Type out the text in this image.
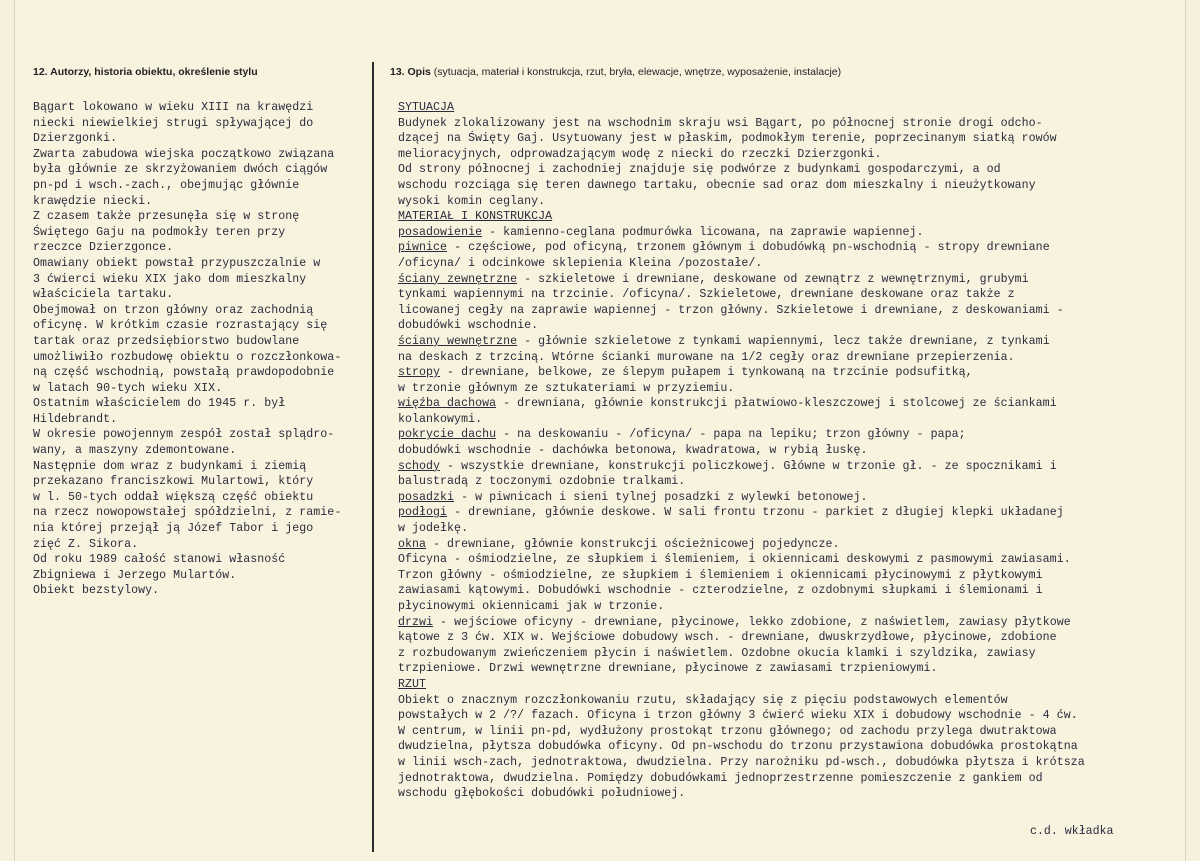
12. Autorzy, historia obiektu, określenie stylu	13. Opis (sytuacja, materiał i konstrukcja, rzut, bryła, elewacje, wnętrze, wyposażenie, instalacje)
Bągart lokowano w wieku XIII na krawędzi
niecki niewielkiej strugi spływającej do
Dzierzgonki.
Zwarta zabudowa wiejska początkowo związana
była głównie ze skrzyżowaniem dwóch ciągów
pn-pd i wsch.-zach., obejmując głównie
krawędzie niecki.
Z czasem także przesunęła się w stronę
Świętego Gaju na podmokły teren przy
rzeczce Dzierzgonce.
Omawiany obiekt powstał przypuszczalnie w
3 ćwierci wieku XIX jako dom mieszkalny
właściciela tartaku.
Obejmował on trzon główny oraz zachodnią
oficynę. W krótkim czasie rozrastający się
tartak oraz przedsiębiorstwo budowlane
umożliwiło rozbudowę obiektu o rozczłonkowa-
ną część wschodnią, powstałą prawdopodobnie
w latach 90-tych wieku XIX.
Ostatnim właścicielem do 1945 r. był
Hildebrandt.
W okresie powojennym zespół został splądro-
wany, a maszyny zdemontowane.
Następnie dom wraz z budynkami i ziemią
przekazano franciszkowi Mulartowi, który
w l. 50-tych oddał większą część obiektu
na rzecz nowopowstałej spółdzielni, z ramie-
nia której przejął ją Józef Tabor i jego
zięć Z. Sikora.
Od roku 1989 całość stanowi własność
Zbigniewa i Jerzego Mulartów.
Obiekt bezstylowy.
SYTUACJA
Budynek zlokalizowany jest na wschodnim skraju wsi Bągart, po północnej stronie drogi odcho-
dzącej na Święty Gaj. Usytuowany jest w płaskim, podmokłym terenie, poprzecinanym siatką rowów
melioracyjnych, odprowadzającym wodę z niecki do rzeczki Dzierzgonki.
Od strony północnej i zachodniej znajduje się podwórze z budynkami gospodarczymi, a od
wschodu rozciąga się teren dawnego tartaku, obecnie sad oraz dom mieszkalny i nieużytkowany
wysoki komin ceglany.
MATERIAŁ I KONSTRUKCJA
posadowienie - kamienno-ceglana podmurówka licowana, na zaprawie wapiennej.
piwnice - częściowe, pod oficyną, trzonem głównym i dobudówką pn-wschodnią - stropy drewniane
/oficyna/ i odcinkowe sklepienia Kleina /pozostałe/.
ściany zewnętrzne - szkieletowe i drewniane, deskowane od zewnątrz z wewnętrznymi, grubymi
tynkami wapiennymi na trzcinie. /oficyna/. Szkieletowe, drewniane deskowane oraz także z
licowanej cegły na zaprawie wapiennej - trzon główny. Szkieletowe i drewniane, z deskowaniami -
dobudówki wschodnie.
ściany wewnętrzne - głównie szkieletowe z tynkami wapiennymi, lecz także drewniane, z tynkami
na deskach z trzciną. Wtórne ścianki murowane na 1/2 cegły oraz drewniane przepierzenia.
stropy - drewniane, belkowe, ze ślepym pułapem i tynkowaną na trzcinie podsufitką,
w trzonie głównym ze sztukateriami w przyziemiu.
więźba dachowa - drewniana, głównie konstrukcji płatwiowo-kleszczowej i stolcowej ze ściankami
kolankowymi.
pokrycie dachu - na deskowaniu - /oficyna/ - papa na lepiku; trzon główny - papa;
dobudówki wschodnie - dachówka betonowa, kwadratowa, w rybią łuskę.
schody - wszystkie drewniane, konstrukcji policzkowej. Główne w trzonie gł. - ze spocznikami i
balustradą z toczonymi ozdobnie tralkami.
posadzki - w piwnicach i sieni tylnej posadzki z wylewki betonowej.
podłogi - drewniane, głównie deskowe. W sali frontu trzonu - parkiet z długiej klepki układanej
w jodełkę.
okna - drewniane, głównie konstrukcji ościeżnicowej pojedyncze.
Oficyna - ośmiodzielne, ze słupkiem i ślemieniem, i okiennicami deskowymi z pasmowymi zawiasami.
Trzon główny - ośmiodzielne, ze słupkiem i ślemieniem i okiennicami płycinowymi z płytkowymi
zawiasami kątowymi. Dobudówki wschodnie - czterodzielne, z ozdobnymi słupkami i ślemionami i
płycinowymi okiennicami jak w trzonie.
drzwi - wejściowe oficyny - drewniane, płycinowe, lekko zdobione, z naświetlem, zawiasy płytkowe
kątowe z 3 ćw. XIX w. Wejściowe dobudowy wsch. - drewniane, dwuskrzydłowe, płycinowe, zdobione
z rozbudowanym zwieńczeniem płycin i naświetlem. Ozdobne okucia klamki i szyldzika, zawiasy
trzpieniowe. Drzwi wewnętrzne drewniane, płycinowe z zawiasami trzpieniowymi.
RZUT
Obiekt o znacznym rozczłonkowaniu rzutu, składający się z pięciu podstawowych elementów
powstałych w 2 /?/ fazach. Oficyna i trzon główny 3 ćwierć wieku XIX i dobudowy wschodnie - 4 ćw.
W centrum, w linii pn-pd, wydłużony prostokąt trzonu głównego; od zachodu przylega dwutraktowa
dwudzielna, płytsza dobudówka oficyny. Od pn-wschodu do trzonu przystawiona dobudówka prostokątna
w linii wsch-zach, jednotraktowa, dwudzielna. Przy narożniku pd-wsch., dobudówka płytsza i krótsza
jednotraktowa, dwudzielna. Pomiędzy dobudówkami jednoprzestrzenne pomieszczenie z gankiem od
wschodu głębokości dobudówki południowej.
c.d. wkładka
